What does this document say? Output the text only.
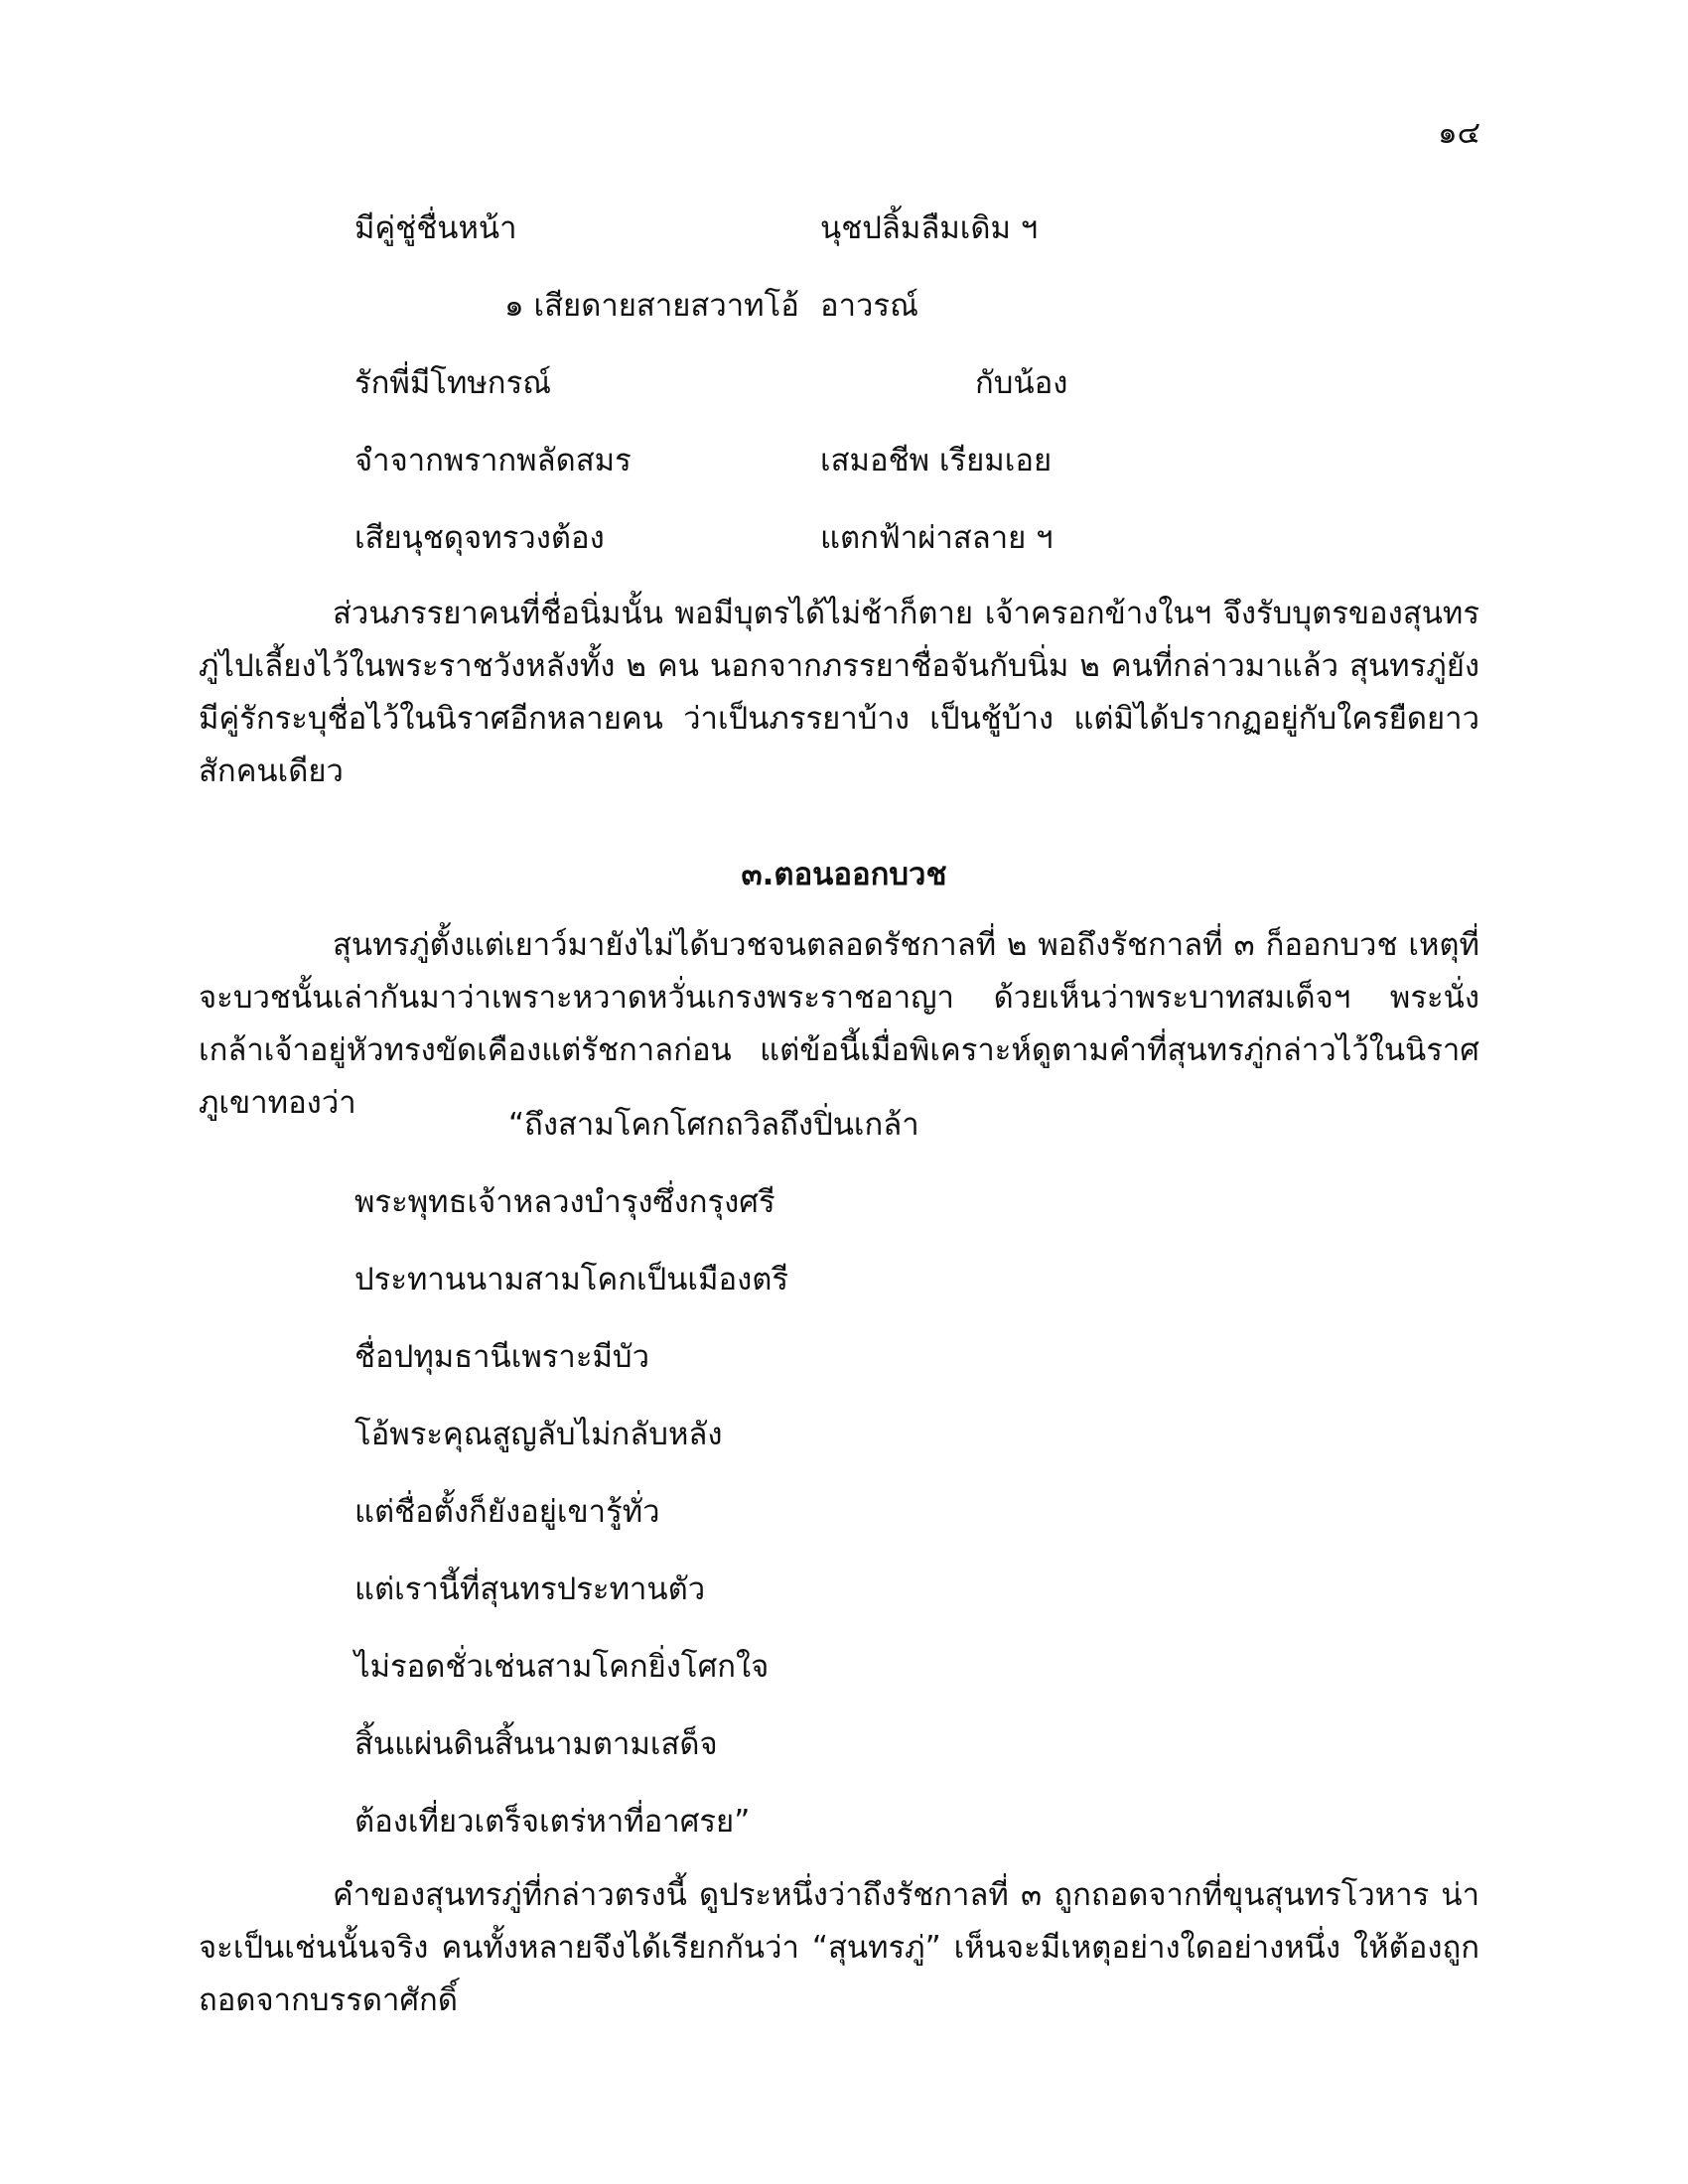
๑๔
มีคู่ชู่ชื่นหน้า	นุชปลิ้มลืมเดิม ฯ
๑ เสียดายสายสวาทโอ้ อาวรณ์
รักพี่มีโทษกรณ์	กับน้อง
จำจากพรากพลัดสมร	เสมอชีพ เรียมเอย
เสียนุชดุจทรวงต้อง	แตกฟ้าผ่าสลาย ฯ

ส่วนภรรยาคนที่ชื่อนิ่มนั้น พอมีบุตรได้ไม่ช้าก็ตาย เจ้าครอกข้างในฯ จึงรับบุตรของสุนทรภู่ไปเลี้ยงไว้ในพระราชวังหลังทั้ง ๒ คน นอกจากภรรยาชื่อจันกับนิ่ม ๒ คนที่กล่าวมาแล้ว สุนทรภู่ยังมีคู่รักระบุชื่อไว้ในนิราศอีกหลายคน ว่าเป็นภรรยาบ้าง เป็นชู้บ้าง แต่มิได้ปรากฏอยู่กับใครยืดยาวสักคนเดียว

๓.ตอนออกบวช

สุนทรภู่ตั้งแต่เยาว์มายังไม่ได้บวชจนตลอดรัชกาลที่ ๒ พอถึงรัชกาลที่ ๓ ก็ออกบวช เหตุที่จะบวชนั้นเล่ากันมาว่าเพราะหวาดหวั่นเกรงพระราชอาญา ด้วยเห็นว่าพระบาทสมเด็จฯ พระนั่งเกล้าเจ้าอยู่หัวทรงขัดเคืองแต่รัชกาลก่อน แต่ข้อนี้เมื่อพิเคราะห์ดูตามคำที่สุนทรภู่กล่าวไว้ในนิราศภูเขาทองว่า

“ถึงสามโคกโศกถวิลถึงปิ่นเกล้า
พระพุทธเจ้าหลวงบำรุงซึ่งกรุงศรี
ประทานนามสามโคกเป็นเมืองตรี
ชื่อปทุมธานีเพราะมีบัว
โอ้พระคุณสูญลับไม่กลับหลัง
แต่ชื่อตั้งก็ยังอยู่เขารู้ทั่ว
แต่เรานี้ที่สุนทรประทานตัว
ไม่รอดชั่วเช่นสามโคกยิ่งโศกใจ
สิ้นแผ่นดินสิ้นนามตามเสด็จ
ต้องเที่ยวเตร็จเตร่หาที่อาศรย”

คำของสุนทรภู่ที่กล่าวตรงนี้ ดูประหนึ่งว่าถึงรัชกาลที่ ๓ ถูกถอดจากที่ขุนสุนทรโวหาร น่าจะเป็นเช่นนั้นจริง คนทั้งหลายจึงได้เรียกกันว่า “สุนทรภู่” เห็นจะมีเหตุอย่างใดอย่างหนึ่ง ให้ต้องถูกถอดจากบรรดาศักดิ์
